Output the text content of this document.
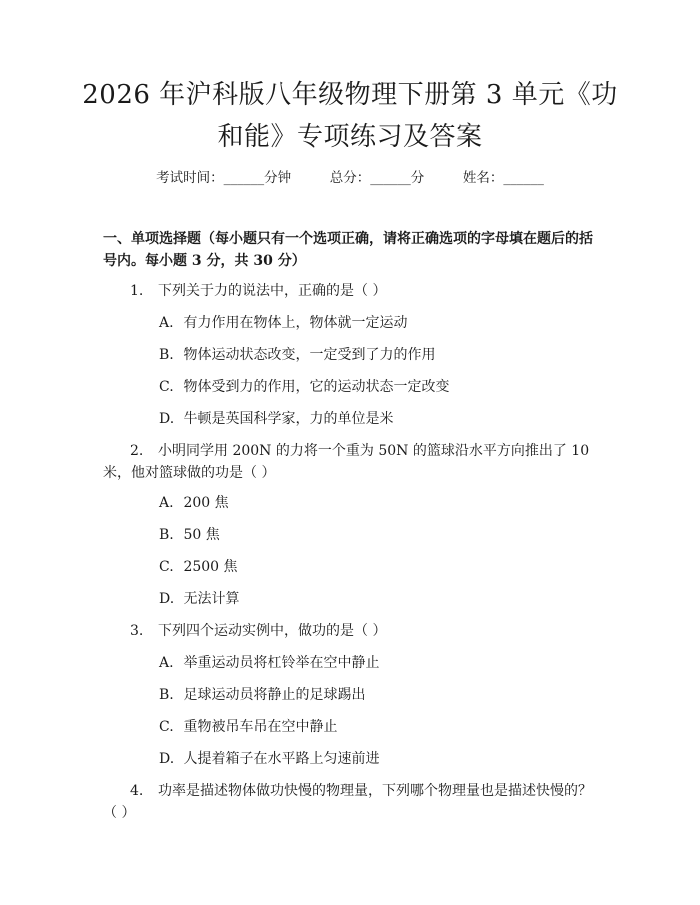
2026 年沪科版八年级物理下册第 3 单元《功和能》专项练习及答案
考试时间：______分钟	总分：______分	姓名：______
一、单项选择题（每小题只有一个选项正确，请将正确选项的字母填在题后的括号内。每小题 3 分，共 30 分）
1. 下列关于力的说法中，正确的是（ ）
A. 有力作用在物体上，物体就一定运动
B. 物体运动状态改变，一定受到了力的作用
C. 物体受到力的作用，它的运动状态一定改变
D. 牛顿是英国科学家，力的单位是米
2. 小明同学用 200N 的力将一个重为 50N 的篮球沿水平方向推出了 10 米，他对篮球做的功是（ ）
A. 200 焦
B. 50 焦
C. 2500 焦
D. 无法计算
3. 下列四个运动实例中，做功的是（ ）
A. 举重运动员将杠铃举在空中静止
B. 足球运动员将静止的足球踢出
C. 重物被吊车吊在空中静止
D. 人提着箱子在水平路上匀速前进
4. 功率是描述物体做功快慢的物理量，下列哪个物理量也是描述快慢的？（ ）
